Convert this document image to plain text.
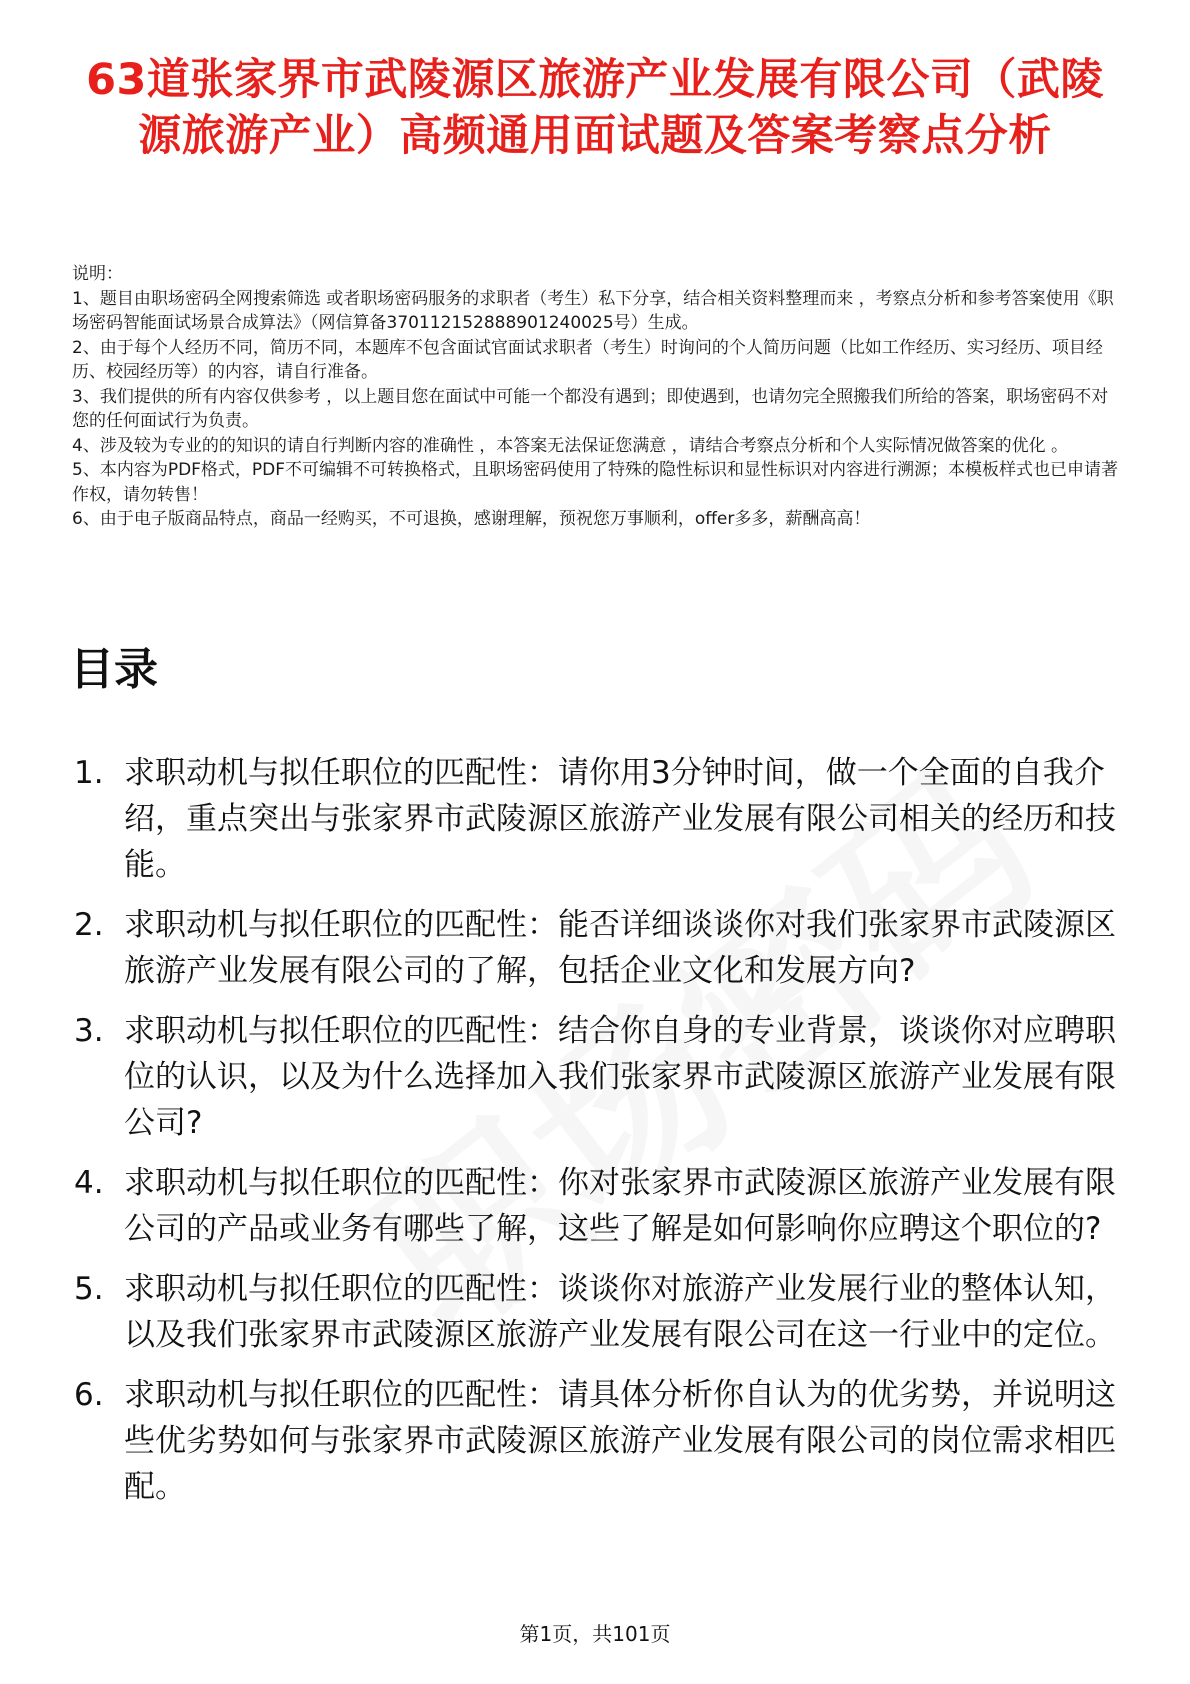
63道张家界市武陵源区旅游产业发展有限公司（武陵源旅游产业）高频通用面试题及答案考察点分析

说明：

1、题目由职场密码全网搜索筛选 或者职场密码服务的求职者（考生）私下分享，结合相关资料整理而来 ，考察点分析和参考答案使用《职场密码智能面试场景合成算法》（网信算备370112152888901240025号）生成。

2、由于每个人经历不同，简历不同，本题库不包含面试官面试求职者（考生）时询问的个人简历问题（比如工作经历、实习经历、项目经历、校园经历等）的内容，请自行准备。

3、我们提供的所有内容仅供参考 ，以上题目您在面试中可能一个都没有遇到；即使遇到，也请勿完全照搬我们所给的答案，职场密码不对您的任何面试行为负责。

4、涉及较为专业的的知识的请自行判断内容的准确性 ，本答案无法保证您满意 ，请结合考察点分析和个人实际情况做答案的优化 。

5、本内容为PDF格式，PDF不可编辑不可转换格式，且职场密码使用了特殊的隐性标识和显性标识对内容进行溯源；本模板样式也已申请著作权，请勿转售！

6、由于电子版商品特点，商品一经购买，不可退换，感谢理解，预祝您万事顺利，offer多多，薪酬高高！

目录
1. 求职动机与拟任职位的匹配性：请你用3分钟时间，做一个全面的自我介绍，重点突出与张家界市武陵源区旅游产业发展有限公司相关的经历和技能。
2. 求职动机与拟任职位的匹配性：能否详细谈谈你对我们张家界市武陵源区旅游产业发展有限公司的了解，包括企业文化和发展方向?
3. 求职动机与拟任职位的匹配性：结合你自身的专业背景，谈谈你对应聘职位的认识，以及为什么选择加入我们张家界市武陵源区旅游产业发展有限公司?
4. 求职动机与拟任职位的匹配性：你对张家界市武陵源区旅游产业发展有限公司的产品或业务有哪些了解，这些了解是如何影响你应聘这个职位的?
5. 求职动机与拟任职位的匹配性：谈谈你对旅游产业发展行业的整体认知，以及我们张家界市武陵源区旅游产业发展有限公司在这一行业中的定位。
6. 求职动机与拟任职位的匹配性：请具体分析你自认为的优劣势，并说明这些优劣势如何与张家界市武陵源区旅游产业发展有限公司的岗位需求相匹配。
第1页，共101页
